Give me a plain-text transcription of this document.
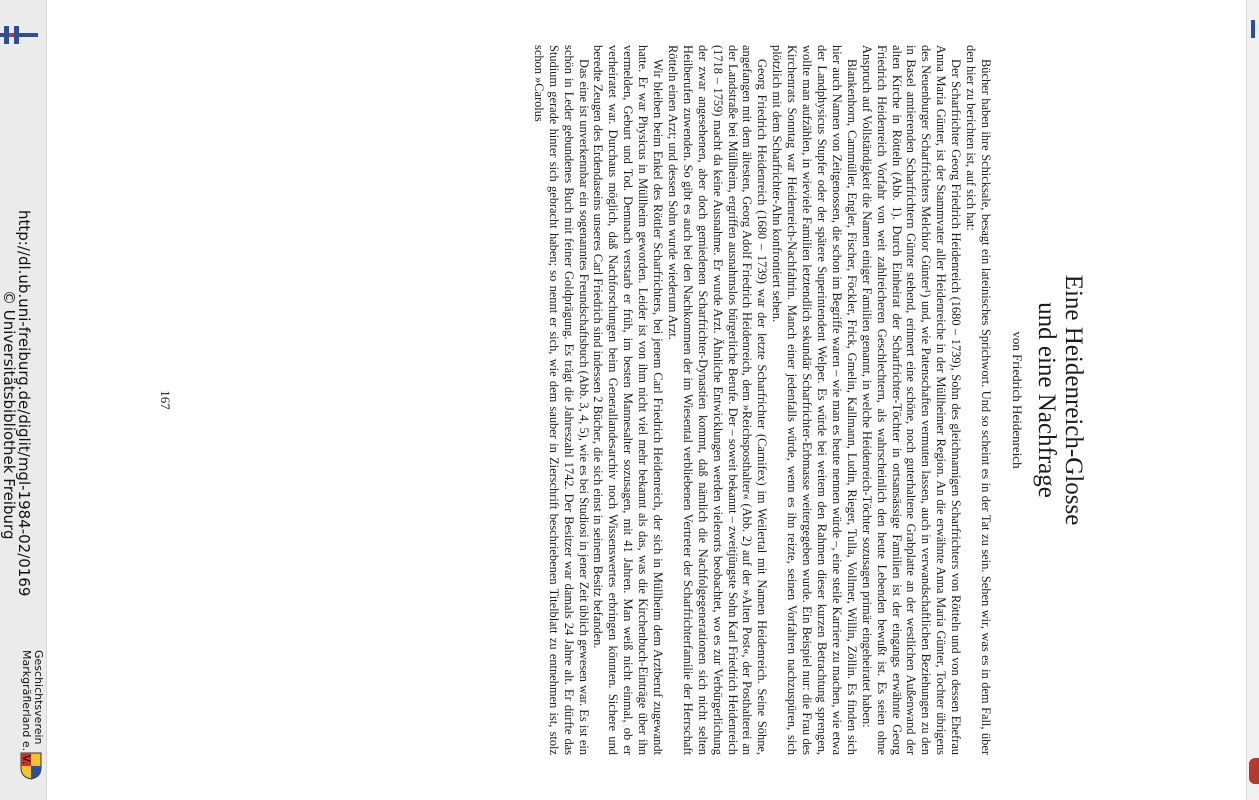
http://dl.ub.uni-freiburg.de/diglit/mgl-1984-02/0169
© Universitätsbibliothek Freiburg
Geschichtsverein
Markgräflerland e. V.
Eine Heidenreich-Glosse
und eine Nachfrage
von Friedrich Heidenreich

Bücher haben ihre Schicksale, besagt ein lateinisches Sprichwort. Und so scheint es in der Tat zu sein. Sehen wir, was es in dem Fall, über den hier zu berichten ist, auf sich hat:

Der Scharfrichter Georg Friedrich Heidenreich (1680 – 1739), Sohn des gleichnamigen Scharfrichters von Rötteln und von dessen Ehefrau Anna Maria Günter, ist der Stammvater aller Heidenreiche in der Müllheimer Region. An die erwähnte Anna Maria Günter, Tochter übrigens des Neuenburger Scharfrichters Melchior Günter¹) und, wie Patenschaften vermuten lassen, auch in verwandschaftlichen Beziehungen zu den in Basel amtierenden Scharfrichtern Günter stehend, erinnert eine schöne, noch guterhaltene Grabplatte an der westlichen Außenwand der alten Kirche in Rötteln (Abb. 1). Durch Einheirat der Scharfrichter-Töchter in ortsansässige Familien ist der eingangs erwähnte Georg Friedrich Heidenreich Vorfahr von weit zahlreicheren Geschlechtern, als wahrscheinlich den heute Lebenden bewußt ist. Es seien ohne Anspruch auf Vollständigkeit die Namen einiger Familien genannt, in welche Heidenreich-Töchter sozusagen primär eingeheiratet haben:

Blankenhorn, Cammüller, Engler, Fischer, Föckler, Frick, Gmelin, Kallmann, Ludin, Rieger, Tulla, Vollmer, Willin, Zöllin. Es finden sich hier auch Namen von Zeitgenossen, die schon im Begriffe waren – wie man es heute nennen würde –, eine steile Karriere zu machen, wie etwa der Landphysicus Stupfer oder der spätere Superintendent Welper. Es würde bei weitem den Rahmen dieser kurzen Betrachtung sprengen, wollte man aufzählen, in wieviele Familien letztendlich sekundär Scharfrichter-Erbmasse weitergegeben wurde. Ein Beispiel nur: die Frau des Kirchenrats Sonntag war Heidenreich-Nachfahrin. Manch einer jedenfalls würde, wenn es ihn reizte, seinen Vorfahren nachzuspüren, sich plötzlich mit dem Scharfrichter-Ahn konfrontiert sehen.

Georg Friedrich Heidenreich (1680 – 1739) war der letzte Scharfrichter (Carnifex) im Weilertal mit Namen Heidenreich. Seine Söhne, angefangen mit dem ältesten, Georg Adolf Friedrich Heidenreich, dem »Reichsposthalter« (Abb. 2) auf der »Alten Post«, der Posthalterei an der Landstraße bei Müllheim, ergriffen ausnahmslos bürgerliche Berufe. Der – soweit bekannt – zweitjüngste Sohn Karl Friedrich Heidenreich (1718 – 1759) macht da keine Ausnahme. Er wurde Arzt. Ähnliche Entwicklungen werden vielerorts beobachtet, wo es zur Verbürgerlichung der zwar angesehenen, aber doch gemiedenen Scharfrichter-Dynastien kommt, daß nämlich die Nachfolgegenerationen sich nicht selten Heilberufen zuwenden. So gibt es auch bei den Nachkommen der im Wiesental verbliebenen Vertreter der Scharfrichterfamilie der Herrschaft Rötteln einen Arzt; und dessen Sohn wurde wiederum Arzt.

Wir bleiben beim Enkel des Röttler Scharfrichters, bei jenem Carl Friedrich Heidenreich, der sich in Müllheim dem Arztberuf zugewandt hatte. Er war Physicus in Müllheim geworden. Leider ist von ihm nicht viel mehr bekannt als das, was die Kirchenbuch-Einträge über ihn vermelden, Geburt und Tod. Demnach verstarb er früh, im besten Mannesalter sozusagen, mit 41 Jahren. Man weiß nicht einmal, ob er verheiratet war. Durchaus möglich, daß Nachforschungen beim Generallandesarchiv noch Wissenswertes erbringen könnten. Sichere und beredte Zeugen des Erdendaseins unseres Carl Friedrich sind indessen 2 Bücher, die sich einst in seinem Besitz befanden.

Das eine ist unverkennbar ein sogenanntes Freundschaftsbuch (Abb. 3, 4, 5), wie es bei Studiosi in jener Zeit üblich gewesen war. Es ist ein schön in Leder gebundenes Buch mit feiner Goldprägung. Es trägt die Jahreszahl 1742. Der Besitzer war damals 24 Jahre alt. Er dürfte das Studium gerade hinter sich gebracht haben; so nennt er sich, wie dem sauber in Zierschrift beschriebenen Titelblatt zu entnehmen ist, stolz schon »Carolus

167
